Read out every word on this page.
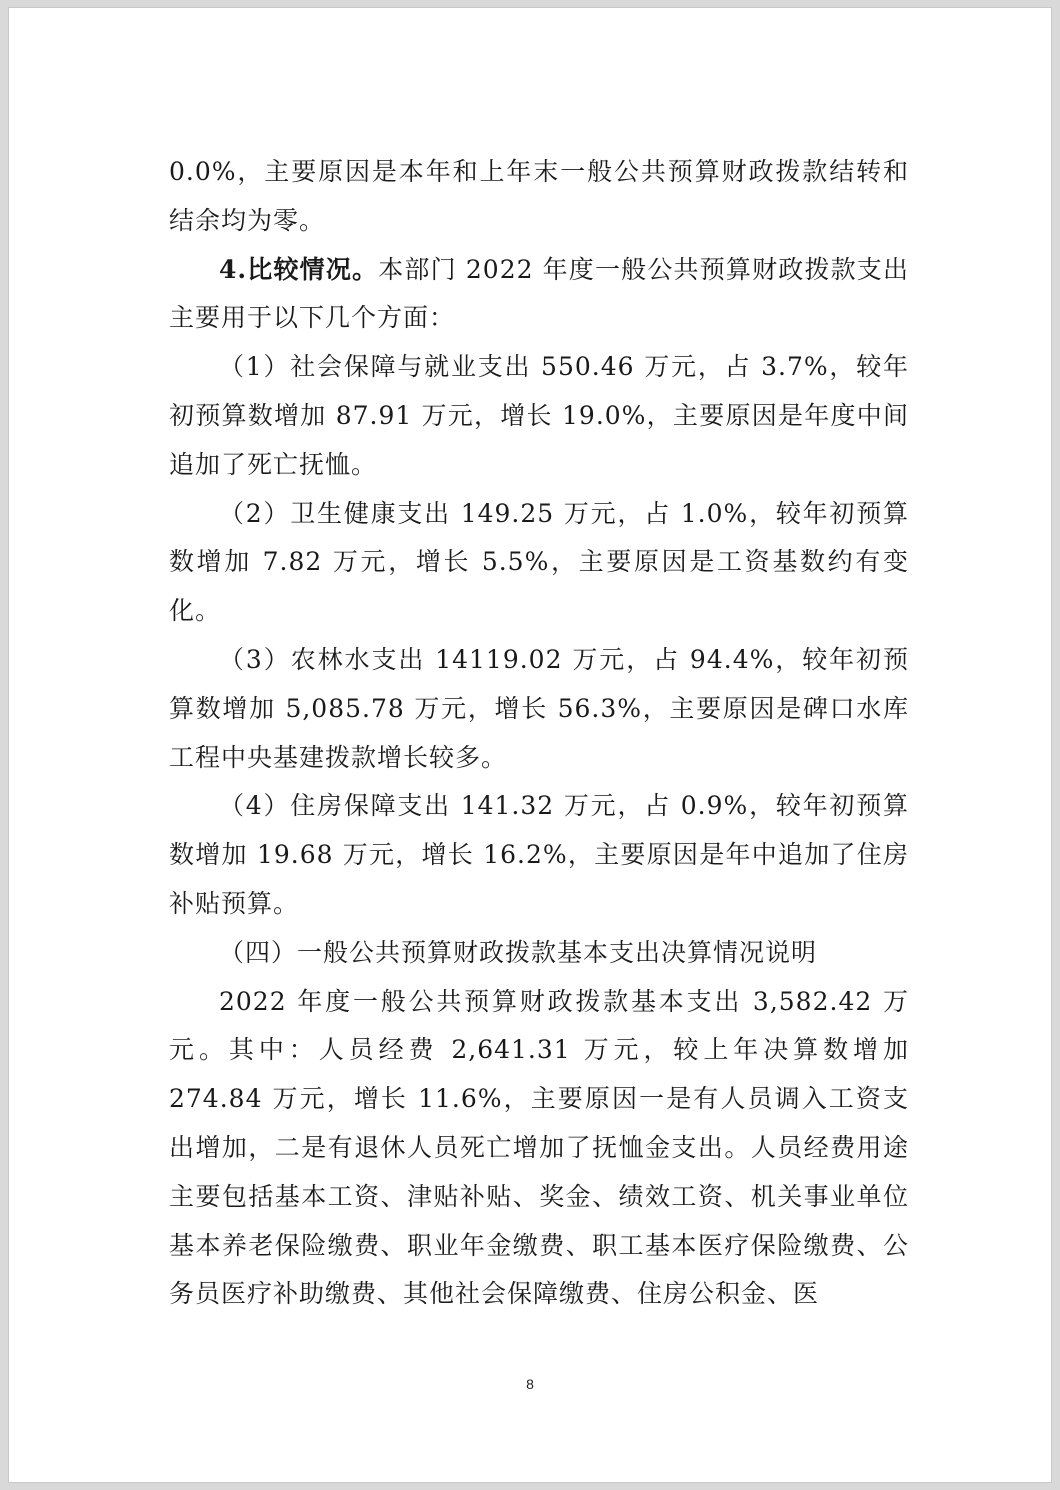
0.0%，主要原因是本年和上年末一般公共预算财政拨款结转和结余均为零。

4.比较情况。本部门 2022 年度一般公共预算财政拨款支出主要用于以下几个方面：

（1）社会保障与就业支出 550.46 万元，占 3.7%，较年初预算数增加 87.91 万元，增长 19.0%，主要原因是年度中间追加了死亡抚恤。

（2）卫生健康支出 149.25 万元，占 1.0%，较年初预算数增加 7.82 万元，增长 5.5%，主要原因是工资基数约有变化。

（3）农林水支出 14119.02 万元，占 94.4%，较年初预算数增加 5,085.78 万元，增长 56.3%，主要原因是碑口水库工程中央基建拨款增长较多。

（4）住房保障支出 141.32 万元，占 0.9%，较年初预算数增加 19.68 万元，增长 16.2%，主要原因是年中追加了住房补贴预算。

（四）一般公共预算财政拨款基本支出决算情况说明

2022 年度一般公共预算财政拨款基本支出 3,582.42 万元。其中：人员经费 2,641.31 万元，较上年决算数增加 274.84 万元，增长 11.6%，主要原因一是有人员调入工资支出增加，二是有退休人员死亡增加了抚恤金支出。人员经费用途主要包括基本工资、津贴补贴、奖金、绩效工资、机关事业单位基本养老保险缴费、职业年金缴费、职工基本医疗保险缴费、公务员医疗补助缴费、其他社会保障缴费、住房公积金、医

8
